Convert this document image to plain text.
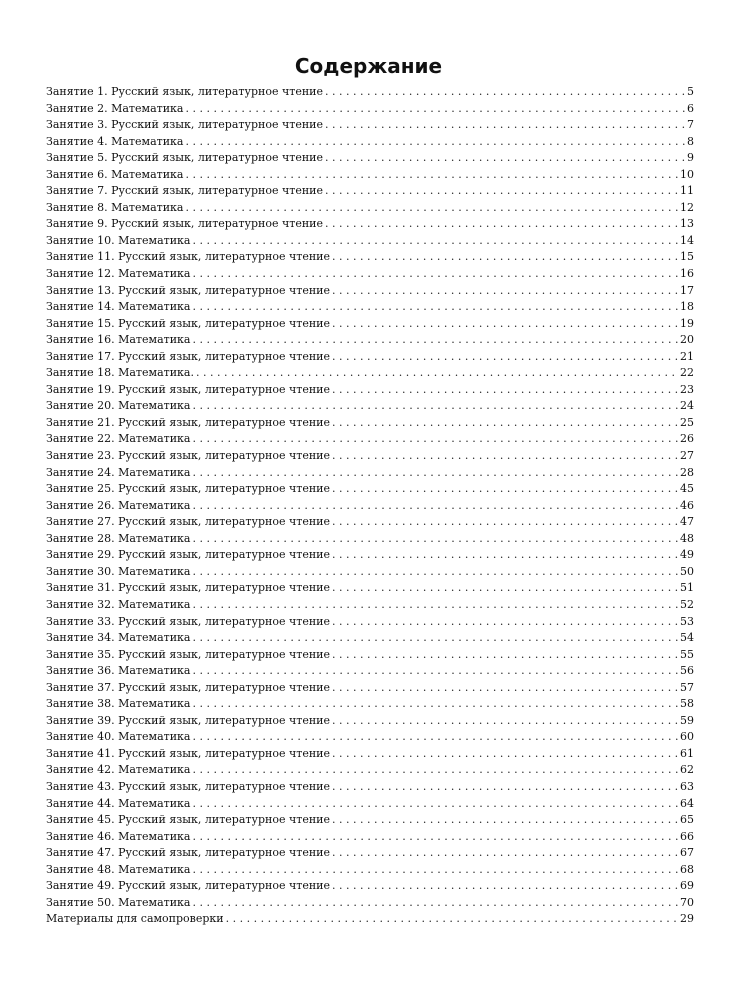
Содержание
Занятие 1. Русский язык, литературное чтение . . .	5
Занятие 2. Математика . . .	6
Занятие 3. Русский язык, литературное чтение . . .	7
Занятие 4. Математика . . .	8
Занятие 5. Русский язык, литературное чтение . . .	9
Занятие 6. Математика . . .	10
Занятие 7. Русский язык, литературное чтение . . .	11
Занятие 8. Математика . . .	12
Занятие 9. Русский язык, литературное чтение . . .	13
Занятие 10. Математика . . .	14
Занятие 11. Русский язык, литературное чтение . . .	15
Занятие 12. Математика . . .	16
Занятие 13. Русский язык, литературное чтение . . .	17
Занятие 14. Математика . . .	18
Занятие 15. Русский язык, литературное чтение . . .	19
Занятие 16. Математика . . .	20
Занятие 17. Русский язык, литературное чтение . . .	21
Занятие 18. Математика. . . .	22
Занятие 19. Русский язык, литературное чтение . . .	23
Занятие 20. Математика . . .	24
Занятие 21. Русский язык, литературное чтение . . .	25
Занятие 22. Математика . . .	26
Занятие 23. Русский язык, литературное чтение . . .	27
Занятие 24. Математика . . .	28
Занятие 25. Русский язык, литературное чтение . . .	45
Занятие 26. Математика . . .	46
Занятие 27. Русский язык, литературное чтение . . .	47
Занятие 28. Математика . . .	48
Занятие 29. Русский язык, литературное чтение . . .	49
Занятие 30. Математика . . .	50
Занятие 31. Русский язык, литературное чтение . . .	51
Занятие 32. Математика . . .	52
Занятие 33. Русский язык, литературное чтение . . .	53
Занятие 34. Математика . . .	54
Занятие 35. Русский язык, литературное чтение . . .	55
Занятие 36. Математика . . .	56
Занятие 37. Русский язык, литературное чтение . . .	57
Занятие 38. Математика . . .	58
Занятие 39. Русский язык, литературное чтение . . .	59
Занятие 40. Математика . . .	60
Занятие 41. Русский язык, литературное чтение . . .	61
Занятие 42. Математика . . .	62
Занятие 43. Русский язык, литературное чтение . . .	63
Занятие 44. Математика . . .	64
Занятие 45. Русский язык, литературное чтение . . .	65
Занятие 46. Математика . . .	66
Занятие 47. Русский язык, литературное чтение . . .	67
Занятие 48. Математика . . .	68
Занятие 49. Русский язык, литературное чтение . . .	69
Занятие 50. Математика . . .	70
Материалы для самопроверки . . .	29
